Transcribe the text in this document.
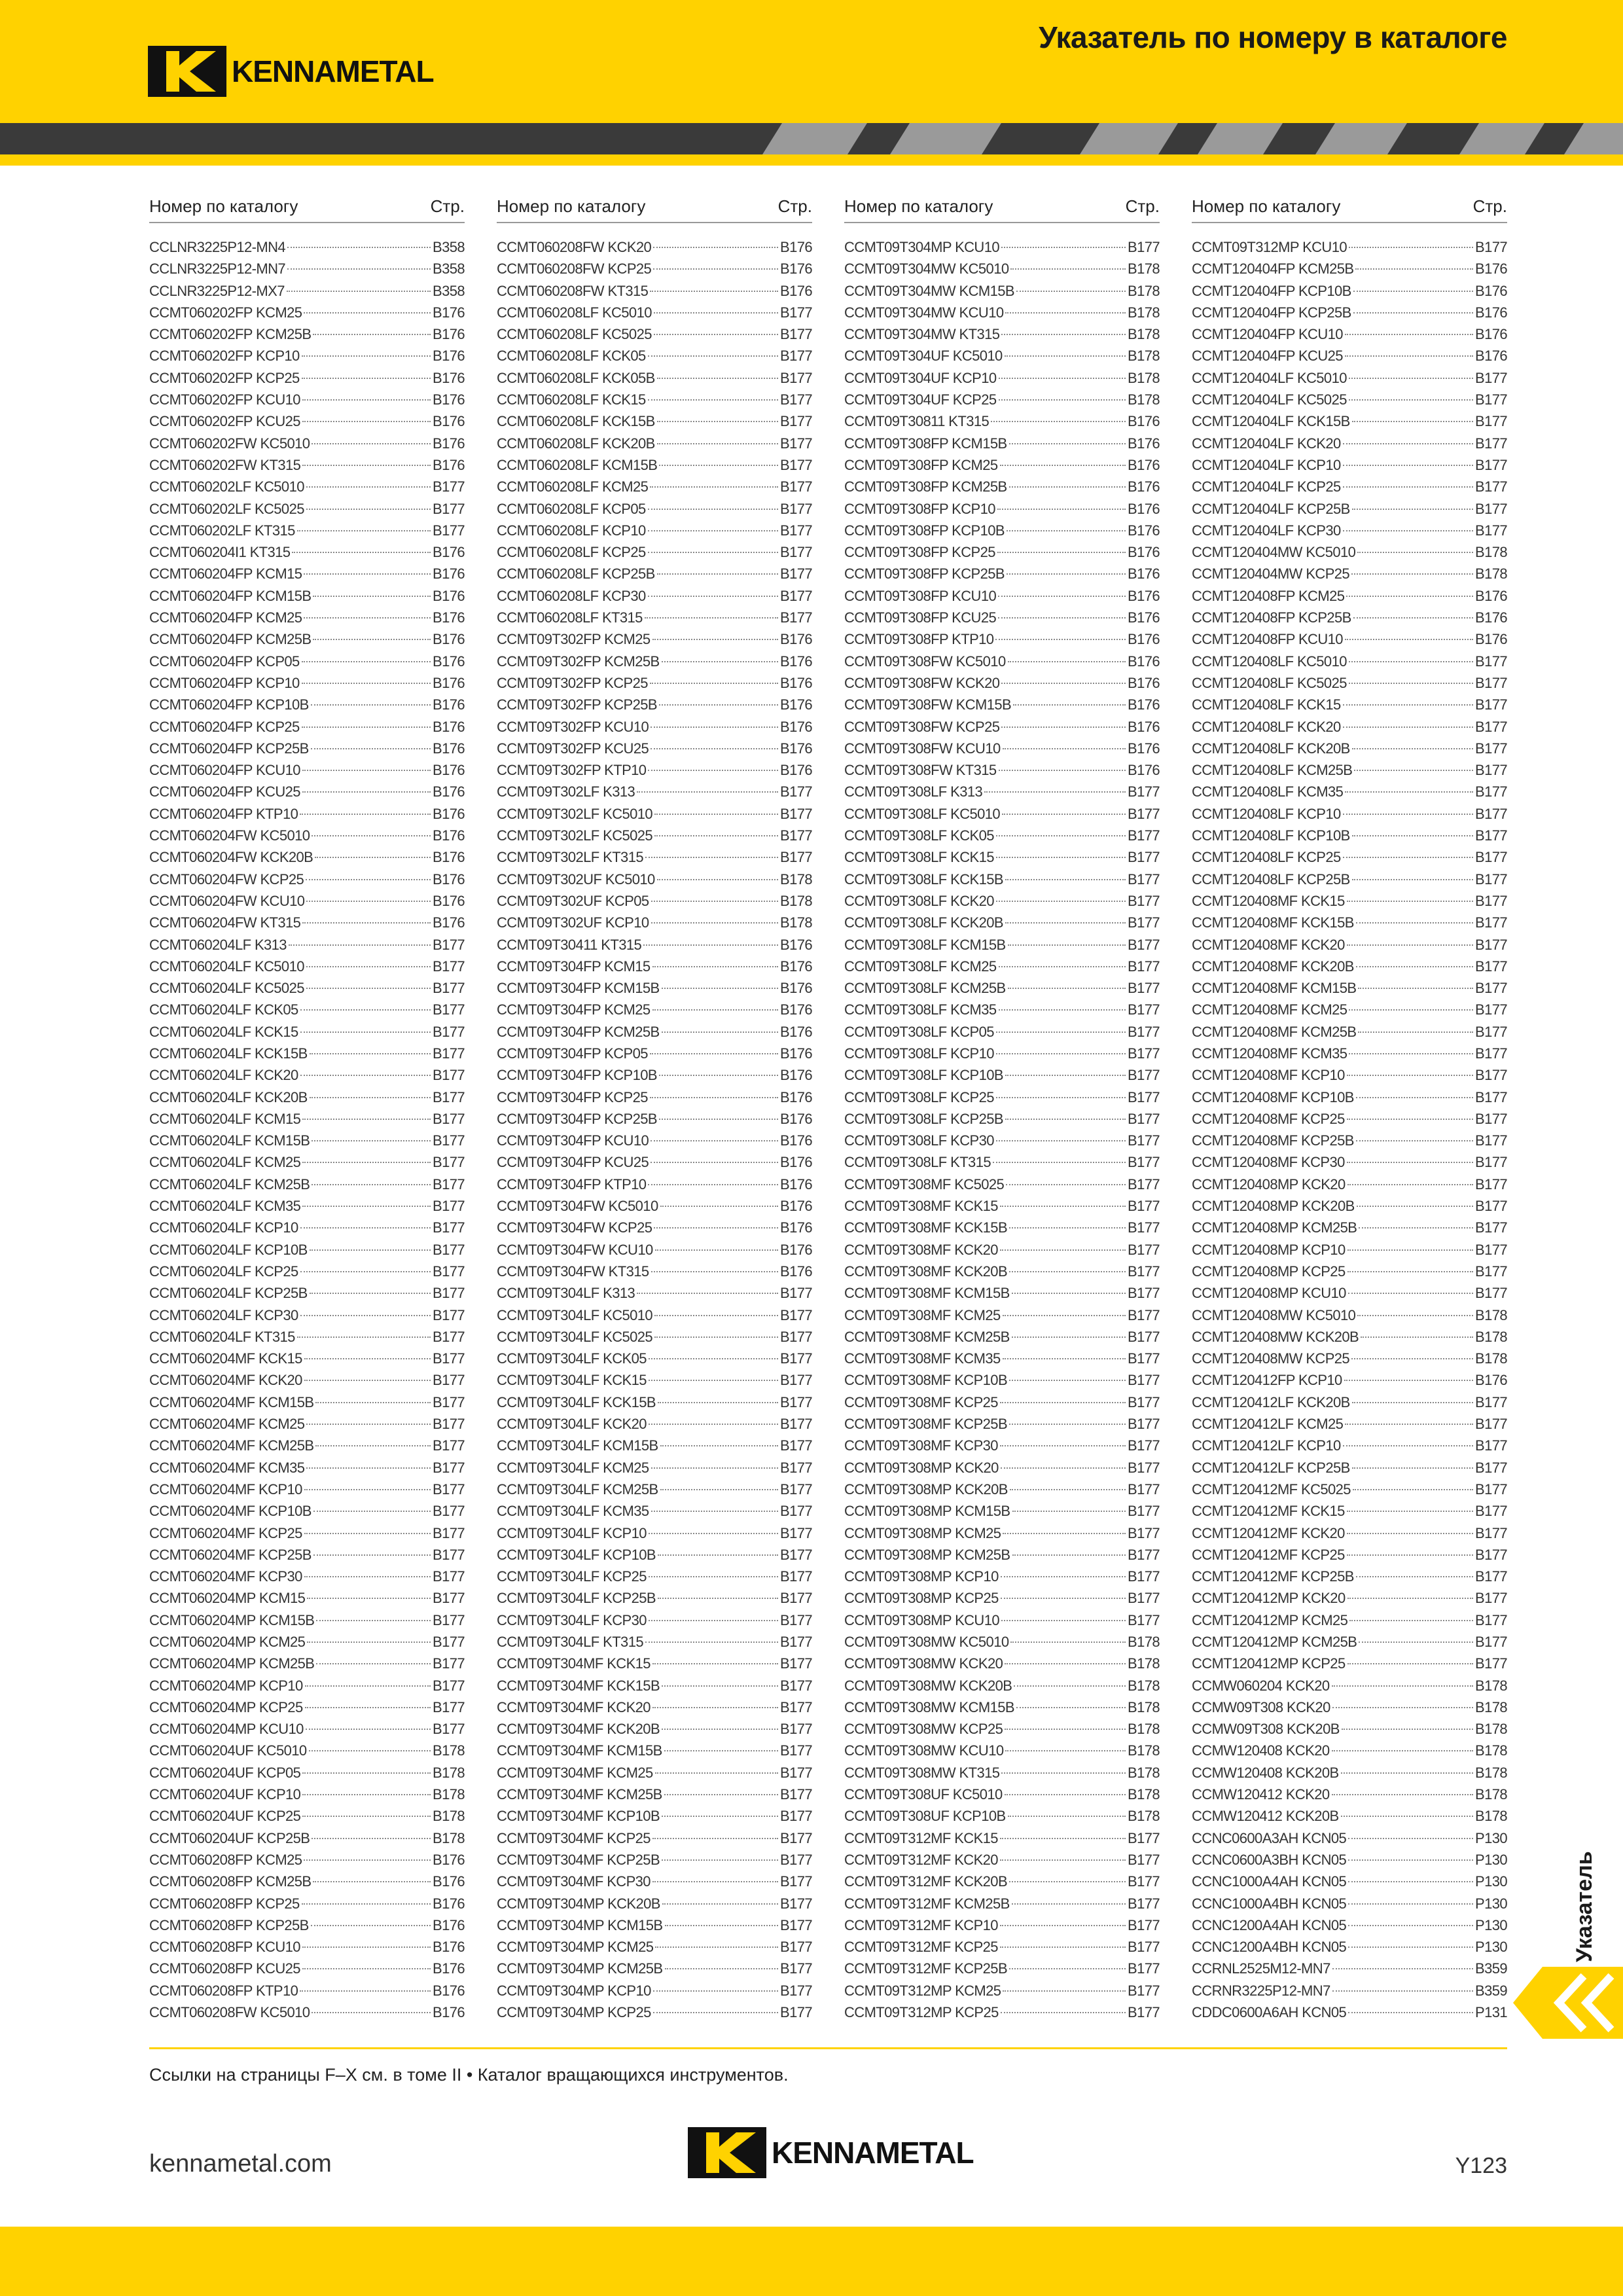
Указатель по номеру в каталоге
KENNAMETAL
Номер по каталогу	Стр.
CCLNR3225P12-MN4	B358
CCLNR3225P12-MN7	B358
CCLNR3225P12-MX7	B358
CCMT060202FP KCM25	B176
CCMT060202FP KCM25B	B176
CCMT060202FP KCP10	B176
CCMT060202FP KCP25	B176
CCMT060202FP KCU10	B176
CCMT060202FP KCU25	B176
CCMT060202FW KC5010	B176
CCMT060202FW KT315	B176
CCMT060202LF KC5010	B177
CCMT060202LF KC5025	B177
CCMT060202LF KT315	B177
CCMT060204I1 KT315	B176
CCMT060204FP KCM15	B176
CCMT060204FP KCM15B	B176
CCMT060204FP KCM25	B176
CCMT060204FP KCM25B	B176
CCMT060204FP KCP05	B176
CCMT060204FP KCP10	B176
CCMT060204FP KCP10B	B176
CCMT060204FP KCP25	B176
CCMT060204FP KCP25B	B176
CCMT060204FP KCU10	B176
CCMT060204FP KCU25	B176
CCMT060204FP KTP10	B176
CCMT060204FW KC5010	B176
CCMT060204FW KCK20B	B176
CCMT060204FW KCP25	B176
CCMT060204FW KCU10	B176
CCMT060204FW KT315	B176
CCMT060204LF K313	B177
CCMT060204LF KC5010	B177
CCMT060204LF KC5025	B177
CCMT060204LF KCK05	B177
CCMT060204LF KCK15	B177
CCMT060204LF KCK15B	B177
CCMT060204LF KCK20	B177
CCMT060204LF KCK20B	B177
CCMT060204LF KCM15	B177
CCMT060204LF KCM15B	B177
CCMT060204LF KCM25	B177
CCMT060204LF KCM25B	B177
CCMT060204LF KCM35	B177
CCMT060204LF KCP10	B177
CCMT060204LF KCP10B	B177
CCMT060204LF KCP25	B177
CCMT060204LF KCP25B	B177
CCMT060204LF KCP30	B177
CCMT060204LF KT315	B177
CCMT060204MF KCK15	B177
CCMT060204MF KCK20	B177
CCMT060204MF KCM15B	B177
CCMT060204MF KCM25	B177
CCMT060204MF KCM25B	B177
CCMT060204MF KCM35	B177
CCMT060204MF KCP10	B177
CCMT060204MF KCP10B	B177
CCMT060204MF KCP25	B177
CCMT060204MF KCP25B	B177
CCMT060204MF KCP30	B177
CCMT060204MP KCM15	B177
CCMT060204MP KCM15B	B177
CCMT060204MP KCM25	B177
CCMT060204MP KCM25B	B177
CCMT060204MP KCP10	B177
CCMT060204MP KCP25	B177
CCMT060204MP KCU10	B177
CCMT060204UF KC5010	B178
CCMT060204UF KCP05	B178
CCMT060204UF KCP10	B178
CCMT060204UF KCP25	B178
CCMT060204UF KCP25B	B178
CCMT060208FP KCM25	B176
CCMT060208FP KCM25B	B176
CCMT060208FP KCP25	B176
CCMT060208FP KCP25B	B176
CCMT060208FP KCU10	B176
CCMT060208FP KCU25	B176
CCMT060208FP KTP10	B176
CCMT060208FW KC5010	B176
Номер по каталогу	Стр.
CCMT060208FW KCK20	B176
CCMT060208FW KCP25	B176
CCMT060208FW KT315	B176
CCMT060208LF KC5010	B177
CCMT060208LF KC5025	B177
CCMT060208LF KCK05	B177
CCMT060208LF KCK05B	B177
CCMT060208LF KCK15	B177
CCMT060208LF KCK15B	B177
CCMT060208LF KCK20B	B177
CCMT060208LF KCM15B	B177
CCMT060208LF KCM25	B177
CCMT060208LF KCP05	B177
CCMT060208LF KCP10	B177
CCMT060208LF KCP25	B177
CCMT060208LF KCP25B	B177
CCMT060208LF KCP30	B177
CCMT060208LF KT315	B177
CCMT09T302FP KCM25	B176
CCMT09T302FP KCM25B	B176
CCMT09T302FP KCP25	B176
CCMT09T302FP KCP25B	B176
CCMT09T302FP KCU10	B176
CCMT09T302FP KCU25	B176
CCMT09T302FP KTP10	B176
CCMT09T302LF K313	B177
CCMT09T302LF KC5010	B177
CCMT09T302LF KC5025	B177
CCMT09T302LF KT315	B177
CCMT09T302UF KC5010	B178
CCMT09T302UF KCP05	B178
CCMT09T302UF KCP10	B178
CCMT09T30411 KT315	B176
CCMT09T304FP KCM15	B176
CCMT09T304FP KCM15B	B176
CCMT09T304FP KCM25	B176
CCMT09T304FP KCM25B	B176
CCMT09T304FP KCP05	B176
CCMT09T304FP KCP10B	B176
CCMT09T304FP KCP25	B176
CCMT09T304FP KCP25B	B176
CCMT09T304FP KCU10	B176
CCMT09T304FP KCU25	B176
CCMT09T304FP KTP10	B176
CCMT09T304FW KC5010	B176
CCMT09T304FW KCP25	B176
CCMT09T304FW KCU10	B176
CCMT09T304FW KT315	B176
CCMT09T304LF K313	B177
CCMT09T304LF KC5010	B177
CCMT09T304LF KC5025	B177
CCMT09T304LF KCK05	B177
CCMT09T304LF KCK15	B177
CCMT09T304LF KCK15B	B177
CCMT09T304LF KCK20	B177
CCMT09T304LF KCM15B	B177
CCMT09T304LF KCM25	B177
CCMT09T304LF KCM25B	B177
CCMT09T304LF KCM35	B177
CCMT09T304LF KCP10	B177
CCMT09T304LF KCP10B	B177
CCMT09T304LF KCP25	B177
CCMT09T304LF KCP25B	B177
CCMT09T304LF KCP30	B177
CCMT09T304LF KT315	B177
CCMT09T304MF KCK15	B177
CCMT09T304MF KCK15B	B177
CCMT09T304MF KCK20	B177
CCMT09T304MF KCK20B	B177
CCMT09T304MF KCM15B	B177
CCMT09T304MF KCM25	B177
CCMT09T304MF KCM25B	B177
CCMT09T304MF KCP10B	B177
CCMT09T304MF KCP25	B177
CCMT09T304MF KCP25B	B177
CCMT09T304MF KCP30	B177
CCMT09T304MP KCK20B	B177
CCMT09T304MP KCM15B	B177
CCMT09T304MP KCM25	B177
CCMT09T304MP KCM25B	B177
CCMT09T304MP KCP10	B177
CCMT09T304MP KCP25	B177
Номер по каталогу	Стр.
CCMT09T304MP KCU10	B177
CCMT09T304MW KC5010	B178
CCMT09T304MW KCM15B	B178
CCMT09T304MW KCU10	B178
CCMT09T304MW KT315	B178
CCMT09T304UF KC5010	B178
CCMT09T304UF KCP10	B178
CCMT09T304UF KCP25	B178
CCMT09T30811 KT315	B176
CCMT09T308FP KCM15B	B176
CCMT09T308FP KCM25	B176
CCMT09T308FP KCM25B	B176
CCMT09T308FP KCP10	B176
CCMT09T308FP KCP10B	B176
CCMT09T308FP KCP25	B176
CCMT09T308FP KCP25B	B176
CCMT09T308FP KCU10	B176
CCMT09T308FP KCU25	B176
CCMT09T308FP KTP10	B176
CCMT09T308FW KC5010	B176
CCMT09T308FW KCK20	B176
CCMT09T308FW KCM15B	B176
CCMT09T308FW KCP25	B176
CCMT09T308FW KCU10	B176
CCMT09T308FW KT315	B176
CCMT09T308LF K313	B177
CCMT09T308LF KC5010	B177
CCMT09T308LF KCK05	B177
CCMT09T308LF KCK15	B177
CCMT09T308LF KCK15B	B177
CCMT09T308LF KCK20	B177
CCMT09T308LF KCK20B	B177
CCMT09T308LF KCM15B	B177
CCMT09T308LF KCM25	B177
CCMT09T308LF KCM25B	B177
CCMT09T308LF KCM35	B177
CCMT09T308LF KCP05	B177
CCMT09T308LF KCP10	B177
CCMT09T308LF KCP10B	B177
CCMT09T308LF KCP25	B177
CCMT09T308LF KCP25B	B177
CCMT09T308LF KCP30	B177
CCMT09T308LF KT315	B177
CCMT09T308MF KC5025	B177
CCMT09T308MF KCK15	B177
CCMT09T308MF KCK15B	B177
CCMT09T308MF KCK20	B177
CCMT09T308MF KCK20B	B177
CCMT09T308MF KCM15B	B177
CCMT09T308MF KCM25	B177
CCMT09T308MF KCM25B	B177
CCMT09T308MF KCM35	B177
CCMT09T308MF KCP10B	B177
CCMT09T308MF KCP25	B177
CCMT09T308MF KCP25B	B177
CCMT09T308MF KCP30	B177
CCMT09T308MP KCK20	B177
CCMT09T308MP KCK20B	B177
CCMT09T308MP KCM15B	B177
CCMT09T308MP KCM25	B177
CCMT09T308MP KCM25B	B177
CCMT09T308MP KCP10	B177
CCMT09T308MP KCP25	B177
CCMT09T308MP KCU10	B177
CCMT09T308MW KC5010	B178
CCMT09T308MW KCK20	B178
CCMT09T308MW KCK20B	B178
CCMT09T308MW KCM15B	B178
CCMT09T308MW KCP25	B178
CCMT09T308MW KCU10	B178
CCMT09T308MW KT315	B178
CCMT09T308UF KC5010	B178
CCMT09T308UF KCP10B	B178
CCMT09T312MF KCK15	B177
CCMT09T312MF KCK20	B177
CCMT09T312MF KCK20B	B177
CCMT09T312MF KCM25B	B177
CCMT09T312MF KCP10	B177
CCMT09T312MF KCP25	B177
CCMT09T312MF KCP25B	B177
CCMT09T312MP KCM25	B177
CCMT09T312MP KCP25	B177
Номер по каталогу	Стр.
CCMT09T312MP KCU10	B177
CCMT120404FP KCM25B	B176
CCMT120404FP KCP10B	B176
CCMT120404FP KCP25B	B176
CCMT120404FP KCU10	B176
CCMT120404FP KCU25	B176
CCMT120404LF KC5010	B177
CCMT120404LF KC5025	B177
CCMT120404LF KCK15B	B177
CCMT120404LF KCK20	B177
CCMT120404LF KCP10	B177
CCMT120404LF KCP25	B177
CCMT120404LF KCP25B	B177
CCMT120404LF KCP30	B177
CCMT120404MW KC5010	B178
CCMT120404MW KCP25	B178
CCMT120408FP KCM25	B176
CCMT120408FP KCP25B	B176
CCMT120408FP KCU10	B176
CCMT120408LF KC5010	B177
CCMT120408LF KC5025	B177
CCMT120408LF KCK15	B177
CCMT120408LF KCK20	B177
CCMT120408LF KCK20B	B177
CCMT120408LF KCM25B	B177
CCMT120408LF KCM35	B177
CCMT120408LF KCP10	B177
CCMT120408LF KCP10B	B177
CCMT120408LF KCP25	B177
CCMT120408LF KCP25B	B177
CCMT120408MF KCK15	B177
CCMT120408MF KCK15B	B177
CCMT120408MF KCK20	B177
CCMT120408MF KCK20B	B177
CCMT120408MF KCM15B	B177
CCMT120408MF KCM25	B177
CCMT120408MF KCM25B	B177
CCMT120408MF KCM35	B177
CCMT120408MF KCP10	B177
CCMT120408MF KCP10B	B177
CCMT120408MF KCP25	B177
CCMT120408MF KCP25B	B177
CCMT120408MF KCP30	B177
CCMT120408MP KCK20	B177
CCMT120408MP KCK20B	B177
CCMT120408MP KCM25B	B177
CCMT120408MP KCP10	B177
CCMT120408MP KCP25	B177
CCMT120408MP KCU10	B177
CCMT120408MW KC5010	B178
CCMT120408MW KCK20B	B178
CCMT120408MW KCP25	B178
CCMT120412FP KCP10	B176
CCMT120412LF KCK20B	B177
CCMT120412LF KCM25	B177
CCMT120412LF KCP10	B177
CCMT120412LF KCP25B	B177
CCMT120412MF KC5025	B177
CCMT120412MF KCK15	B177
CCMT120412MF KCK20	B177
CCMT120412MF KCP25	B177
CCMT120412MF KCP25B	B177
CCMT120412MP KCK20	B177
CCMT120412MP KCM25	B177
CCMT120412MP KCM25B	B177
CCMT120412MP KCP25	B177
CCMW060204 KCK20	B178
CCMW09T308 KCK20	B178
CCMW09T308 KCK20B	B178
CCMW120408 KCK20	B178
CCMW120408 KCK20B	B178
CCMW120412 KCK20	B178
CCMW120412 KCK20B	B178
CCNC0600A3AH KCN05	P130
CCNC0600A3BH KCN05	P130
CCNC1000A4AH KCN05	P130
CCNC1000A4BH KCN05	P130
CCNC1200A4AH KCN05	P130
CCNC1200A4BH KCN05	P130
CCRNL2525M12-MN7	B359
CCRNR3225P12-MN7	B359
CDDC0600A6AH KCN05	P131
Указатель
Ссылки на страницы F–X см. в томе II • Каталог вращающихся инструментов.
kennametal.com	KENNAMETAL	Y123
